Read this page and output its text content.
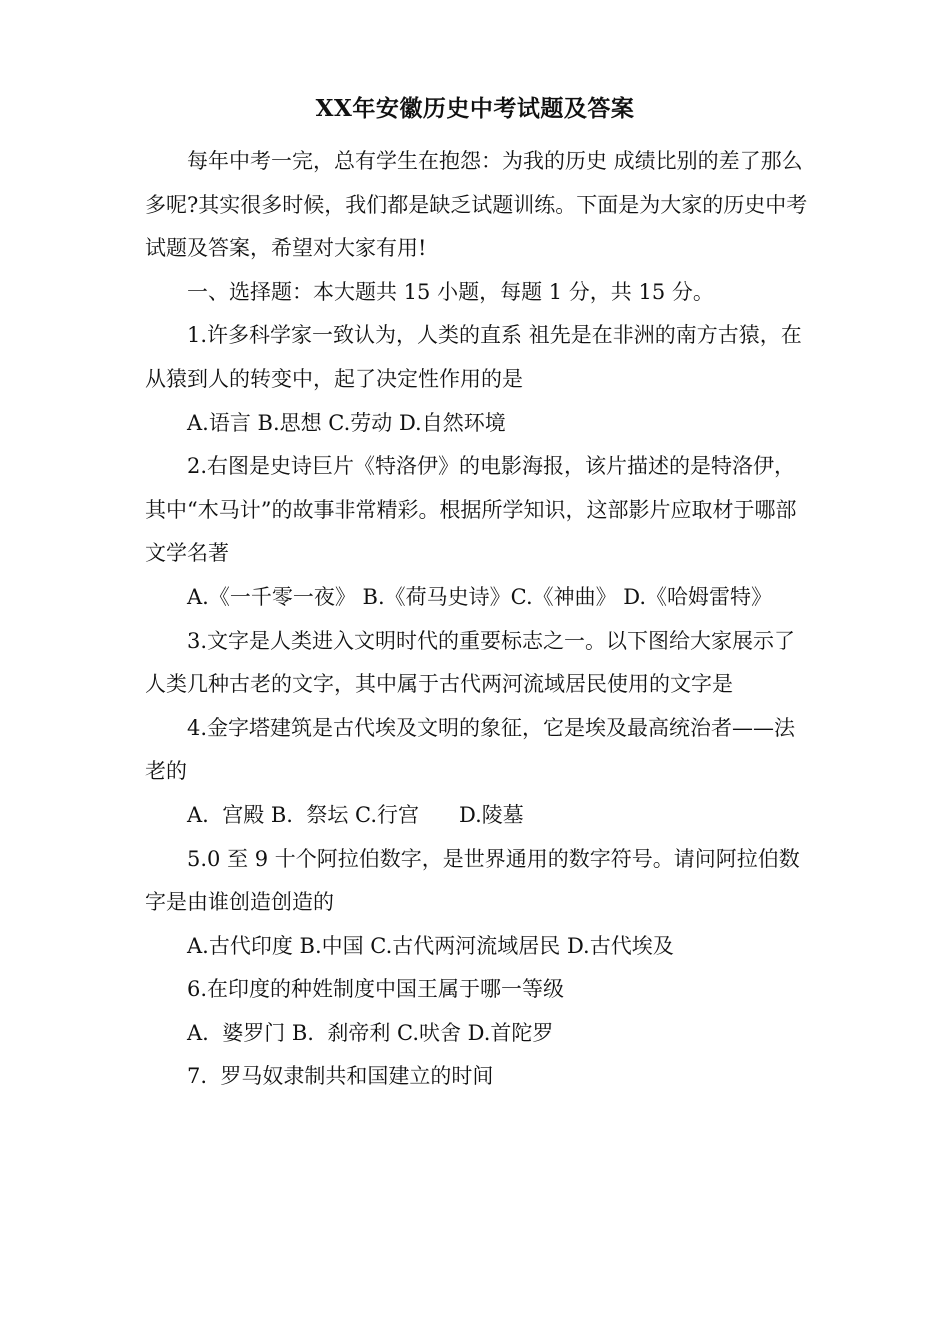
XX年安徽历史中考试题及答案

每年中考一完，总有学生在抱怨：为我的历史 成绩比别的差了那么多呢?其实很多时候，我们都是缺乏试题训练。下面是为大家的历史中考试题及答案，希望对大家有用!

一、选择题：本大题共 15 小题，每题 1 分，共 15 分。

1.许多科学家一致认为，人类的直系 祖先是在非洲的南方古猿，在从猿到人的转变中，起了决定性作用的是

A.语言 B.思想 C.劳动 D.自然环境

2.右图是史诗巨片《特洛伊》的电影海报，该片描述的是特洛伊，其中“木马计”的故事非常精彩。根据所学知识，这部影片应取材于哪部文学名著

A.《一千零一夜》 B.《荷马史诗》C.《神曲》 D.《哈姆雷特》

3.文字是人类进入文明时代的重要标志之一。以下图给大家展示了人类几种古老的文字，其中属于古代两河流域居民使用的文字是

4.金字塔建筑是古代埃及文明的象征，它是埃及最高统治者——法老的

A.  宫殿 B.  祭坛 C.行宫      D.陵墓

5.0 至 9 十个阿拉伯数字，是世界通用的数字符号。请问阿拉伯数字是由谁创造创造的

A.古代印度 B.中国 C.古代两河流域居民 D.古代埃及

6.在印度的种姓制度中国王属于哪一等级

A.  婆罗门 B.  刹帝利 C.吠舍 D.首陀罗

7.  罗马奴隶制共和国建立的时间
